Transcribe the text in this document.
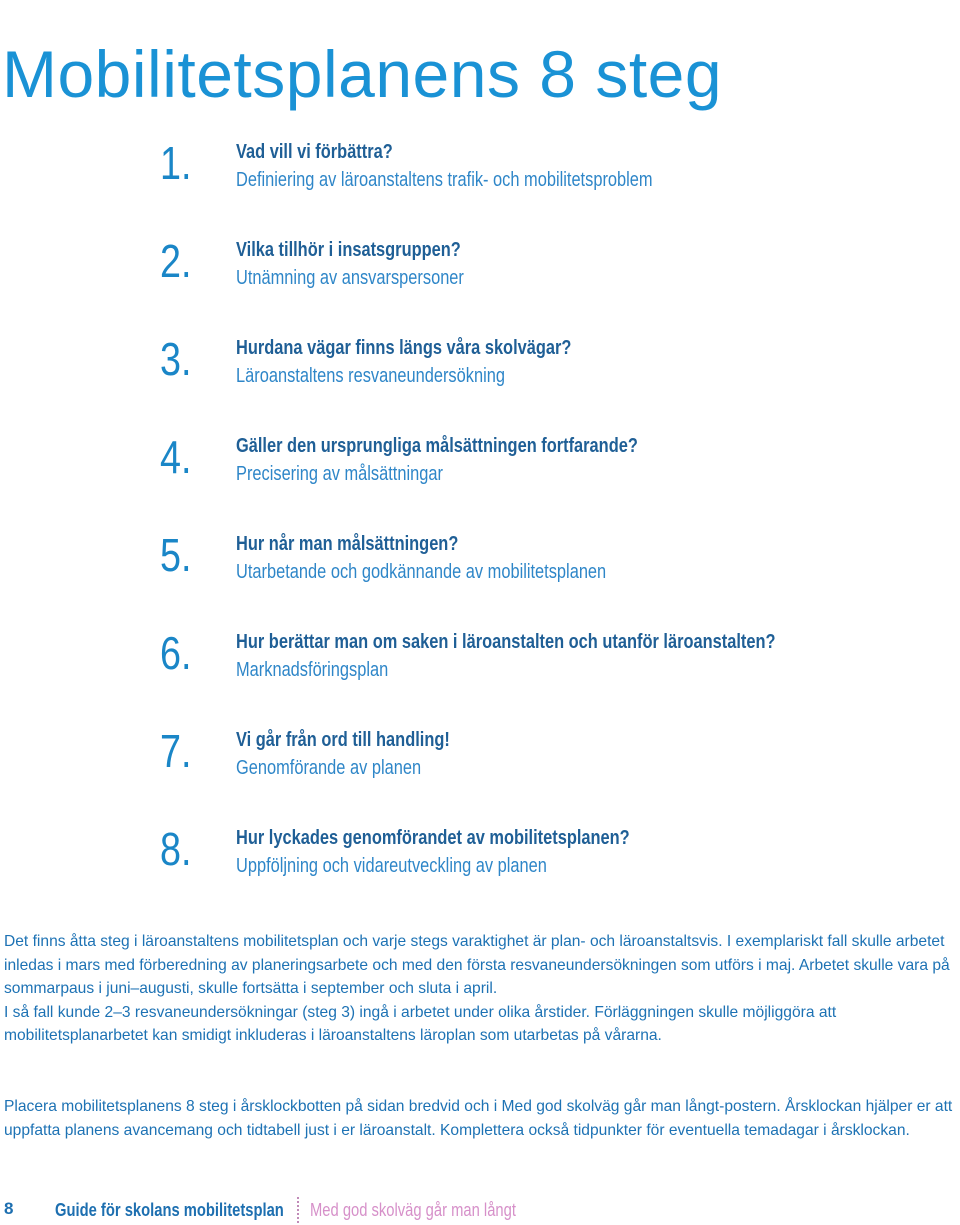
Mobilitetsplanens 8 steg
1. Vad vill vi förbättra?
Definiering av läroanstaltens trafik- och mobilitetsproblem
2. Vilka tillhör i insatsgruppen?
Utnämning av ansvarspersoner
3. Hurdana vägar finns längs våra skolvägar?
Läroanstaltens resvaneundersökning
4. Gäller den ursprungliga målsättningen fortfarande?
Precisering av målsättningar
5. Hur når man målsättningen?
Utarbetande och godkännande av mobilitetsplanen
6. Hur berättar man om saken i läroanstalten och utanför läroanstalten?
Marknadsföringsplan
7. Vi går från ord till handling!
Genomförande av planen
8. Hur lyckades genomförandet av mobilitetsplanen?
Uppföljning och vidareutveckling av planen

Det finns åtta steg i läroanstaltens mobilitetsplan och varje stegs varaktighet är plan- och läroanstaltsvis. I exemplariskt fall skulle arbetet inledas i mars med förberedning av planeringsarbete och med den första resvaneundersökningen som utförs i maj. Arbetet skulle vara på sommarpaus i juni–augusti, skulle fortsätta i september och sluta i april.

I så fall kunde 2–3 resvaneundersökningar (steg 3) ingå i arbetet under olika årstider. Förläggningen skulle möjliggöra att mobilitetsplanarbetet kan smidigt inkluderas i läroanstaltens läroplan som utarbetas på vårarna.

Placera mobilitetsplanens 8 steg i årsklockbotten på sidan bredvid och i Med god skolväg går man långt-postern. Årsklockan hjälper er att uppfatta planens avancemang och tidtabell just i er läroanstalt. Komplettera också tidpunkter för eventuella temadagar i årsklockan.

8 Guide för skolans mobilitetsplan Med god skolväg går man långt
